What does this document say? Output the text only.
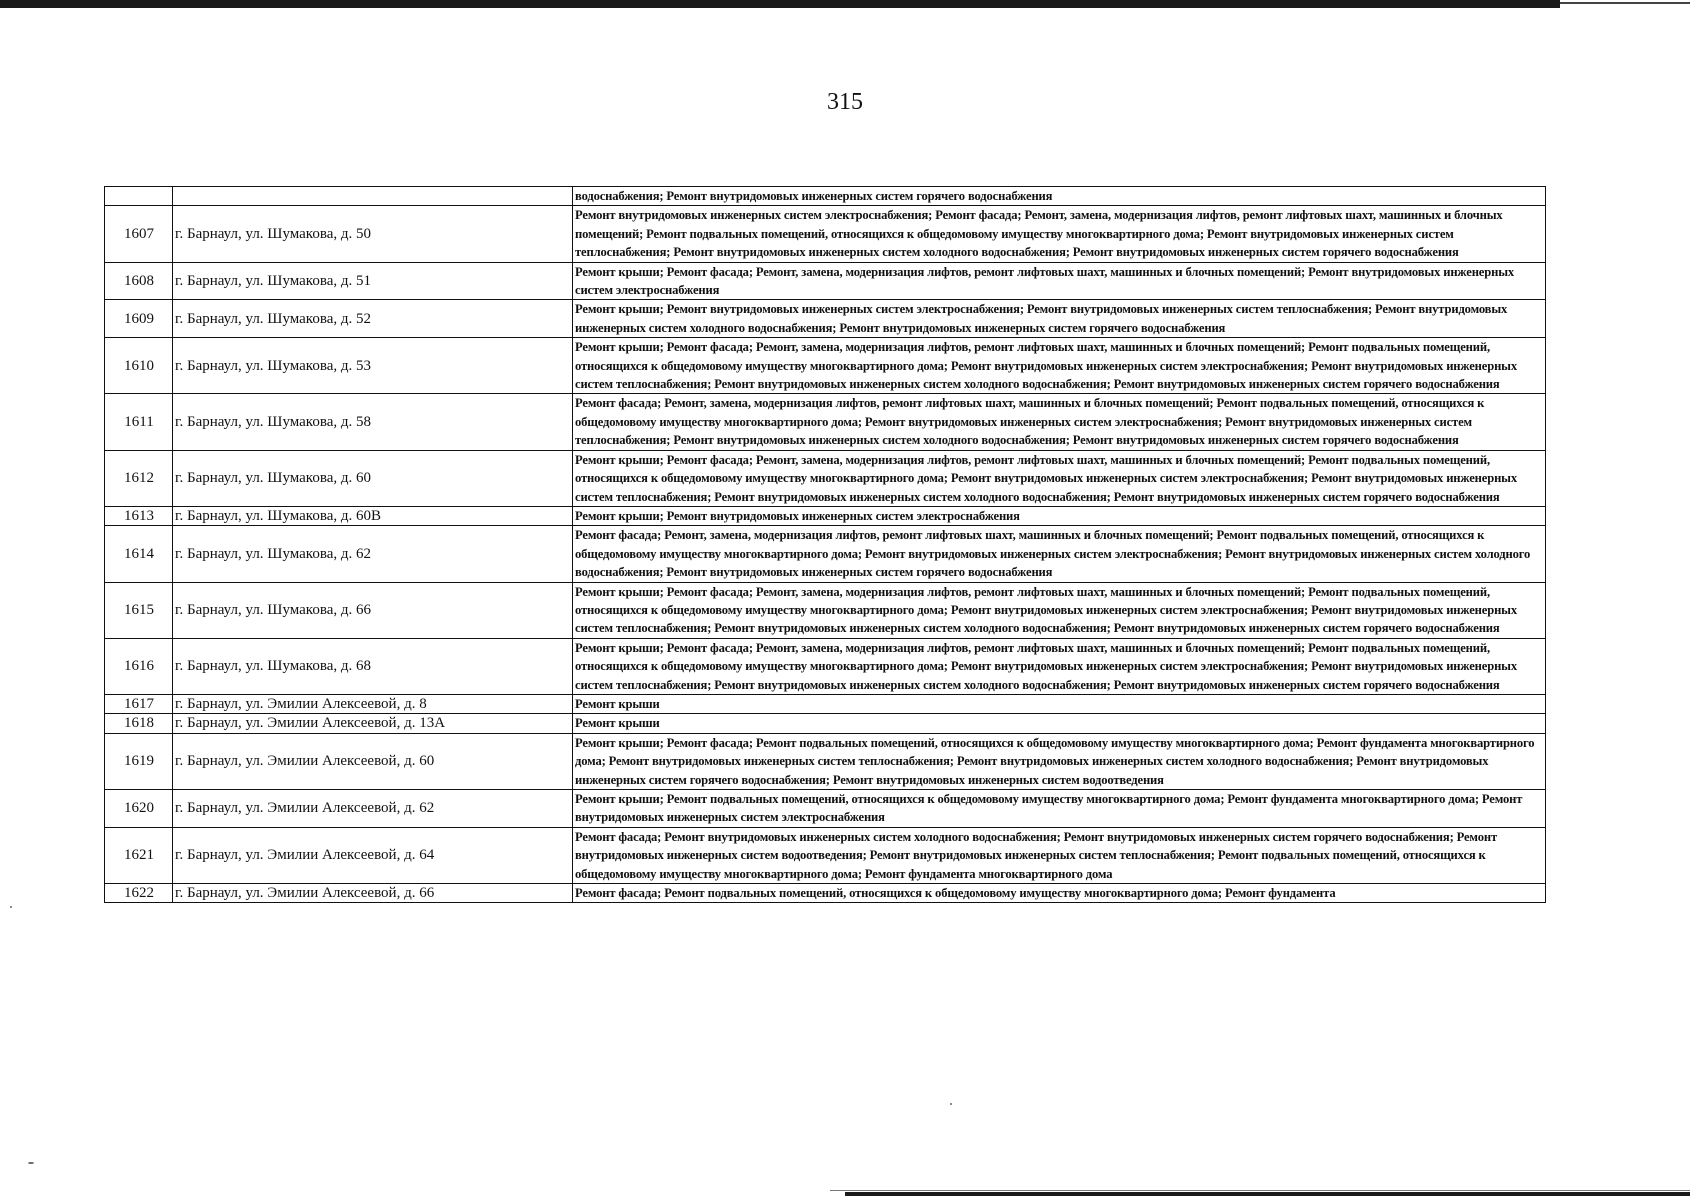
315
		водоснабжения; Ремонт внутридомовых инженерных систем горячего водоснабжения
1607	г. Барнаул, ул. Шумакова, д. 50	Ремонт внутридомовых инженерных систем электроснабжения; Ремонт фасада; Ремонт, замена, модернизация лифтов, ремонт лифтовых шахт, машинных и блочных помещений; Ремонт подвальных помещений, относящихся к общедомовому имуществу многоквартирного дома; Ремонт внутридомовых инженерных систем теплоснабжения; Ремонт внутридомовых инженерных систем холодного водоснабжения; Ремонт внутридомовых инженерных систем горячего водоснабжения
1608	г. Барнаул, ул. Шумакова, д. 51	Ремонт крыши; Ремонт фасада; Ремонт, замена, модернизация лифтов, ремонт лифтовых шахт, машинных и блочных помещений; Ремонт внутридомовых инженерных систем электроснабжения
1609	г. Барнаул, ул. Шумакова, д. 52	Ремонт крыши; Ремонт внутридомовых инженерных систем электроснабжения; Ремонт внутридомовых инженерных систем теплоснабжения; Ремонт внутридомовых инженерных систем холодного водоснабжения; Ремонт внутридомовых инженерных систем горячего водоснабжения
1610	г. Барнаул, ул. Шумакова, д. 53	Ремонт крыши; Ремонт фасада; Ремонт, замена, модернизация лифтов, ремонт лифтовых шахт, машинных и блочных помещений; Ремонт подвальных помещений, относящихся к общедомовому имуществу многоквартирного дома; Ремонт внутридомовых инженерных систем электроснабжения; Ремонт внутридомовых инженерных систем теплоснабжения; Ремонт внутридомовых инженерных систем холодного водоснабжения; Ремонт внутридомовых инженерных систем горячего водоснабжения
1611	г. Барнаул, ул. Шумакова, д. 58	Ремонт фасада; Ремонт, замена, модернизация лифтов, ремонт лифтовых шахт, машинных и блочных помещений; Ремонт подвальных помещений, относящихся к общедомовому имуществу многоквартирного дома; Ремонт внутридомовых инженерных систем электроснабжения; Ремонт внутридомовых инженерных систем теплоснабжения; Ремонт внутридомовых инженерных систем холодного водоснабжения; Ремонт внутридомовых инженерных систем горячего водоснабжения
1612	г. Барнаул, ул. Шумакова, д. 60	Ремонт крыши; Ремонт фасада; Ремонт, замена, модернизация лифтов, ремонт лифтовых шахт, машинных и блочных помещений; Ремонт подвальных помещений, относящихся к общедомовому имуществу многоквартирного дома; Ремонт внутридомовых инженерных систем электроснабжения; Ремонт внутридомовых инженерных систем теплоснабжения; Ремонт внутридомовых инженерных систем холодного водоснабжения; Ремонт внутридомовых инженерных систем горячего водоснабжения
1613	г. Барнаул, ул. Шумакова, д. 60В	Ремонт крыши; Ремонт внутридомовых инженерных систем электроснабжения
1614	г. Барнаул, ул. Шумакова, д. 62	Ремонт фасада; Ремонт, замена, модернизация лифтов, ремонт лифтовых шахт, машинных и блочных помещений; Ремонт подвальных помещений, относящихся к общедомовому имуществу многоквартирного дома; Ремонт внутридомовых инженерных систем электроснабжения; Ремонт внутридомовых инженерных систем холодного водоснабжения; Ремонт внутридомовых инженерных систем горячего водоснабжения
1615	г. Барнаул, ул. Шумакова, д. 66	Ремонт крыши; Ремонт фасада; Ремонт, замена, модернизация лифтов, ремонт лифтовых шахт, машинных и блочных помещений; Ремонт подвальных помещений, относящихся к общедомовому имуществу многоквартирного дома; Ремонт внутридомовых инженерных систем электроснабжения; Ремонт внутридомовых инженерных систем теплоснабжения; Ремонт внутридомовых инженерных систем холодного водоснабжения; Ремонт внутридомовых инженерных систем горячего водоснабжения
1616	г. Барнаул, ул. Шумакова, д. 68	Ремонт крыши; Ремонт фасада; Ремонт, замена, модернизация лифтов, ремонт лифтовых шахт, машинных и блочных помещений; Ремонт подвальных помещений, относящихся к общедомовому имуществу многоквартирного дома; Ремонт внутридомовых инженерных систем электроснабжения; Ремонт внутридомовых инженерных систем теплоснабжения; Ремонт внутридомовых инженерных систем холодного водоснабжения; Ремонт внутридомовых инженерных систем горячего водоснабжения
1617	г. Барнаул, ул. Эмилии Алексеевой, д. 8	Ремонт крыши
1618	г. Барнаул, ул. Эмилии Алексеевой, д. 13А	Ремонт крыши
1619	г. Барнаул, ул. Эмилии Алексеевой, д. 60	Ремонт крыши; Ремонт фасада; Ремонт подвальных помещений, относящихся к общедомовому имуществу многоквартирного дома; Ремонт фундамента многоквартирного дома; Ремонт внутридомовых инженерных систем теплоснабжения; Ремонт внутридомовых инженерных систем холодного водоснабжения; Ремонт внутридомовых инженерных систем горячего водоснабжения; Ремонт внутридомовых инженерных систем водоотведения
1620	г. Барнаул, ул. Эмилии Алексеевой, д. 62	Ремонт крыши; Ремонт подвальных помещений, относящихся к общедомовому имуществу многоквартирного дома; Ремонт фундамента многоквартирного дома; Ремонт внутридомовых инженерных систем электроснабжения
1621	г. Барнаул, ул. Эмилии Алексеевой, д. 64	Ремонт фасада; Ремонт внутридомовых инженерных систем холодного водоснабжения; Ремонт внутридомовых инженерных систем горячего водоснабжения; Ремонт внутридомовых инженерных систем водоотведения; Ремонт внутридомовых инженерных систем теплоснабжения; Ремонт подвальных помещений, относящихся к общедомовому имуществу многоквартирного дома; Ремонт фундамента многоквартирного дома
1622	г. Барнаул, ул. Эмилии Алексеевой, д. 66	Ремонт фасада; Ремонт подвальных помещений, относящихся к общедомовому имуществу многоквартирного дома; Ремонт фундамента
